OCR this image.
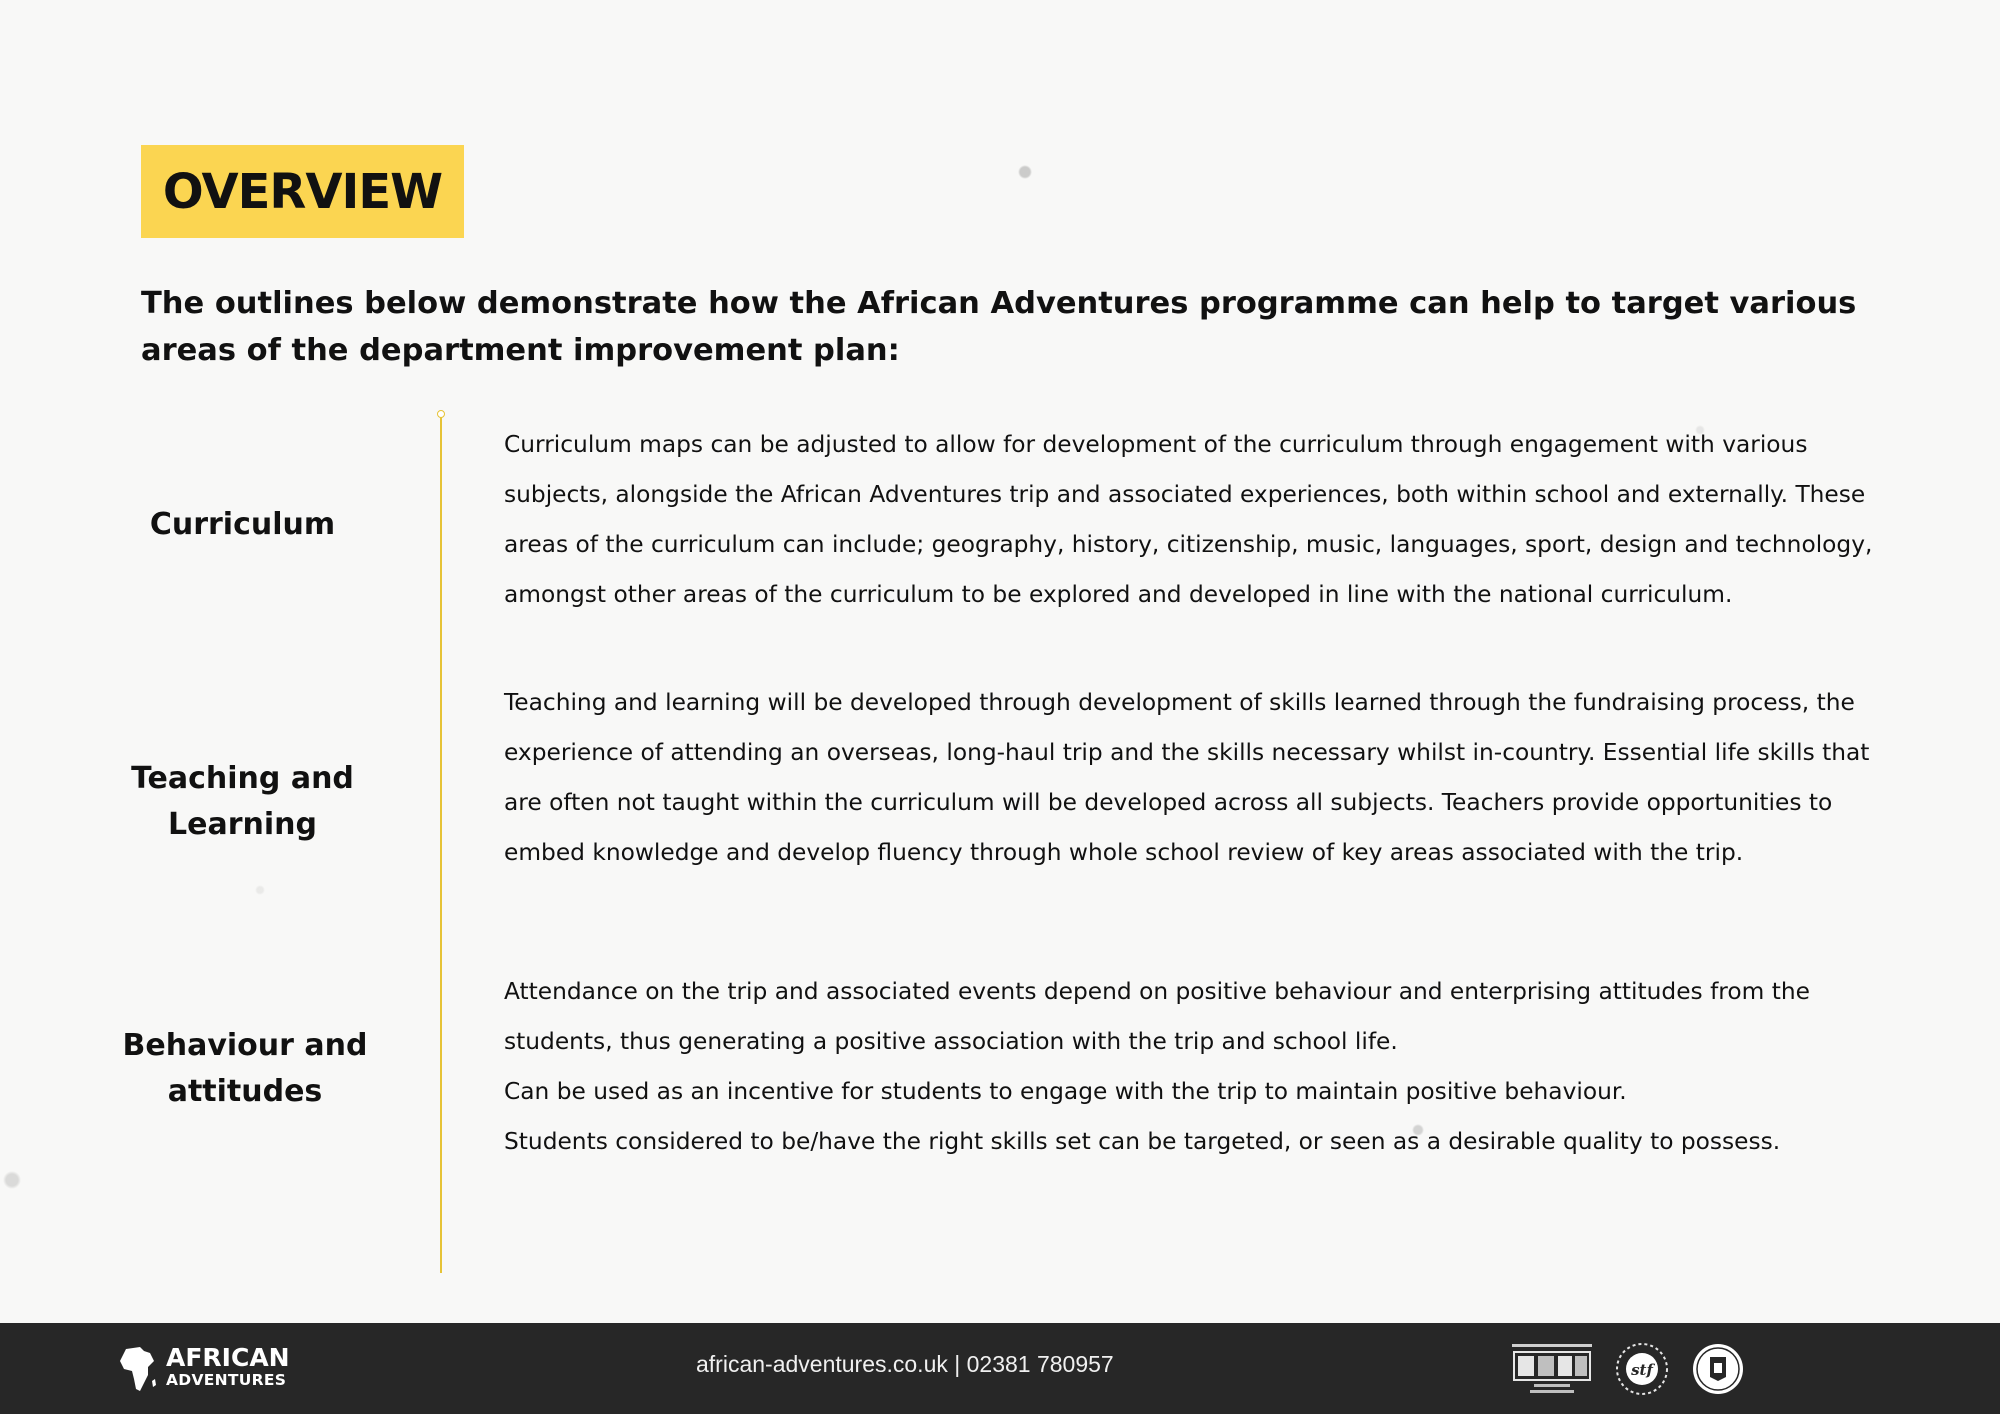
OVERVIEW
The outlines below demonstrate how the African Adventures programme can help to target various areas of the department improvement plan:
Curriculum
Curriculum maps can be adjusted to allow for development of the curriculum through engagement with various subjects, alongside the African Adventures trip and associated experiences, both within school and externally. These areas of the curriculum can include; geography, history, citizenship, music, languages, sport, design and technology, amongst other areas of the curriculum to be explored and developed in line with the national curriculum.
Teaching and
Learning
Teaching and learning will be developed through development of skills learned through the fundraising process, the experience of attending an overseas, long-haul trip and the skills necessary whilst in-country. Essential life skills that are often not taught within the curriculum will be developed across all subjects. Teachers provide opportunities to embed knowledge and develop fluency through whole school review of key areas associated with the trip.
Behaviour and
attitudes
Attendance on the trip and associated events depend on positive behaviour and enterprising attitudes from the students, thus generating a positive association with the trip and school life.
Can be used as an incentive for students to engage with the trip to maintain positive behaviour.
Students considered to be/have the right skills set can be targeted, or seen as a desirable quality to possess.
AFRICAN
ADVENTURES
african-adventures.co.uk | 02381 780957	stf
